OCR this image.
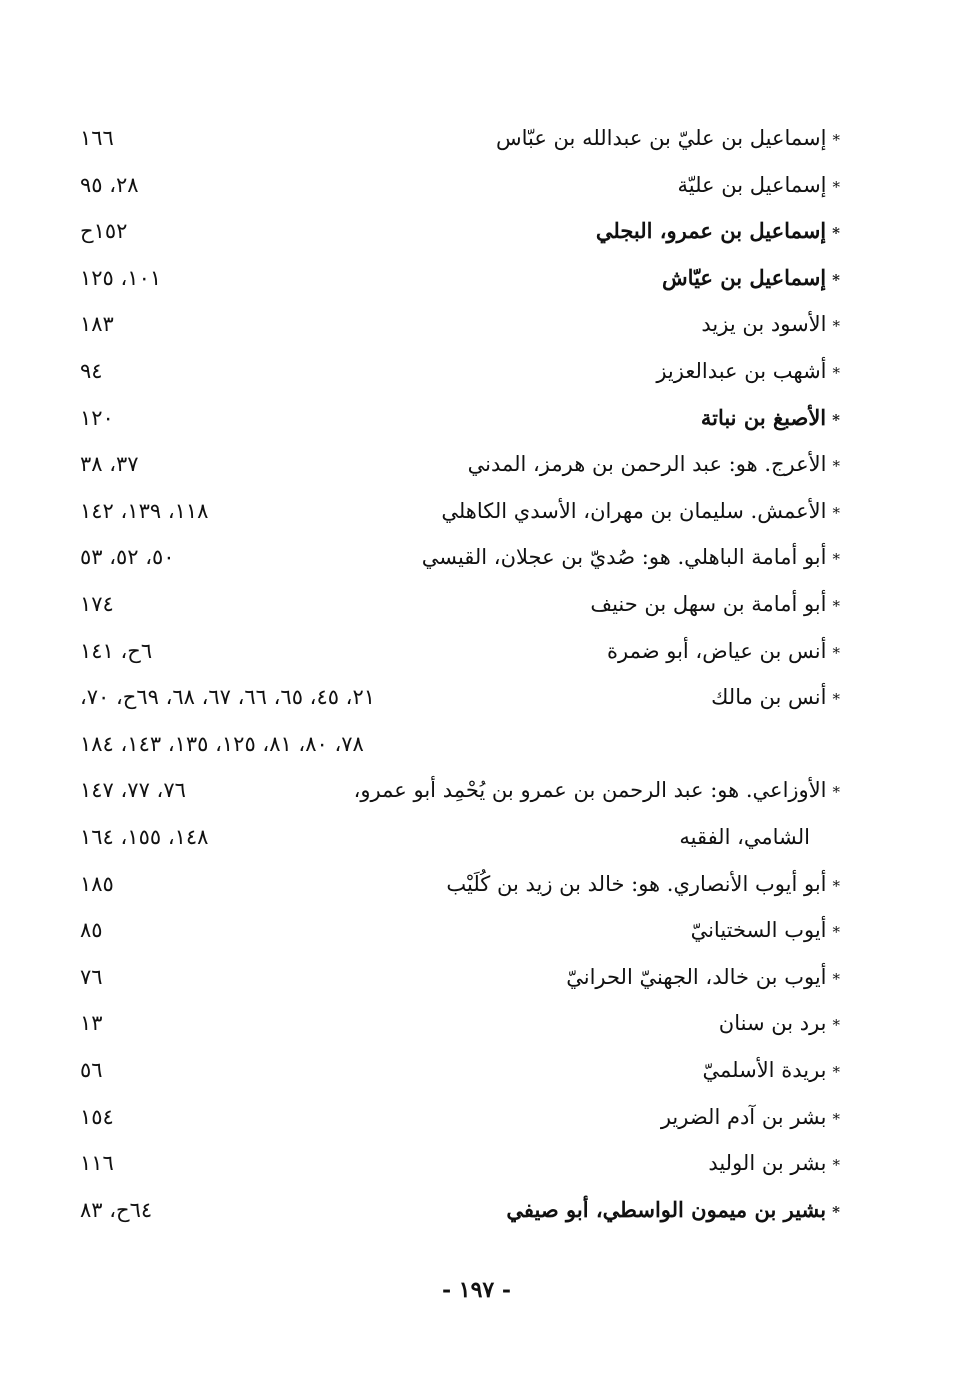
*إسماعيل بن عليّ بن عبدالله بن عبّاس
١٦٦
*إسماعيل بن عليّة
٢٨، ٩٥
*إسماعيل بن عمرو، البجلي
١٥٢ح
*إسماعيل بن عيّاش
١٠١، ١٢٥
*الأسود بن يزيد
١٨٣
*أشهب بن عبدالعزيز
٩٤
*الأصبغ بن نباتة
١٢٠
*الأعرج. هو: عبد الرحمن بن هرمز، المدني
٣٧، ٣٨
*الأعمش. سليمان بن مهران، الأسدي الكاهلي
١١٨، ١٣٩، ١٤٢
*أبو أمامة الباهلي. هو: صُديّ بن عجلان، القيسي
٥٠، ٥٢، ٥٣
*أبو أمامة بن سهل بن حنيف
١٧٤
*أنس بن عياض، أبو ضمرة
٦ح، ١٤١
*أنس بن مالك
٢١، ٤٥، ٦٥، ٦٦، ٦٧، ٦٨، ٦٩ح، ٧٠،
٧٨، ٨٠، ٨١، ١٢٥، ١٣٥، ١٤٣، ١٨٤
*الأوزاعي. هو: عبد الرحمن بن عمرو بن يُحْمِد أبو عمرو،
٧٦، ٧٧، ١٤٧
الشامي، الفقيه
١٤٨، ١٥٥، ١٦٤
*أبو أيوب الأنصاري. هو: خالد بن زيد بن كُلَيْب
١٨٥
*أيوب السختيانيّ
٨٥
*أيوب بن خالد، الجهنيّ الحرانيّ
٧٦
*برد بن سنان
١٣
*بريدة الأسلميّ
٥٦
*بشر بن آدم الضرير
١٥٤
*بشر بن الوليد
١١٦
*بشير بن ميمون الواسطي، أبو صيفي
٦٤ح، ٨٣
- ١٩٧ -
